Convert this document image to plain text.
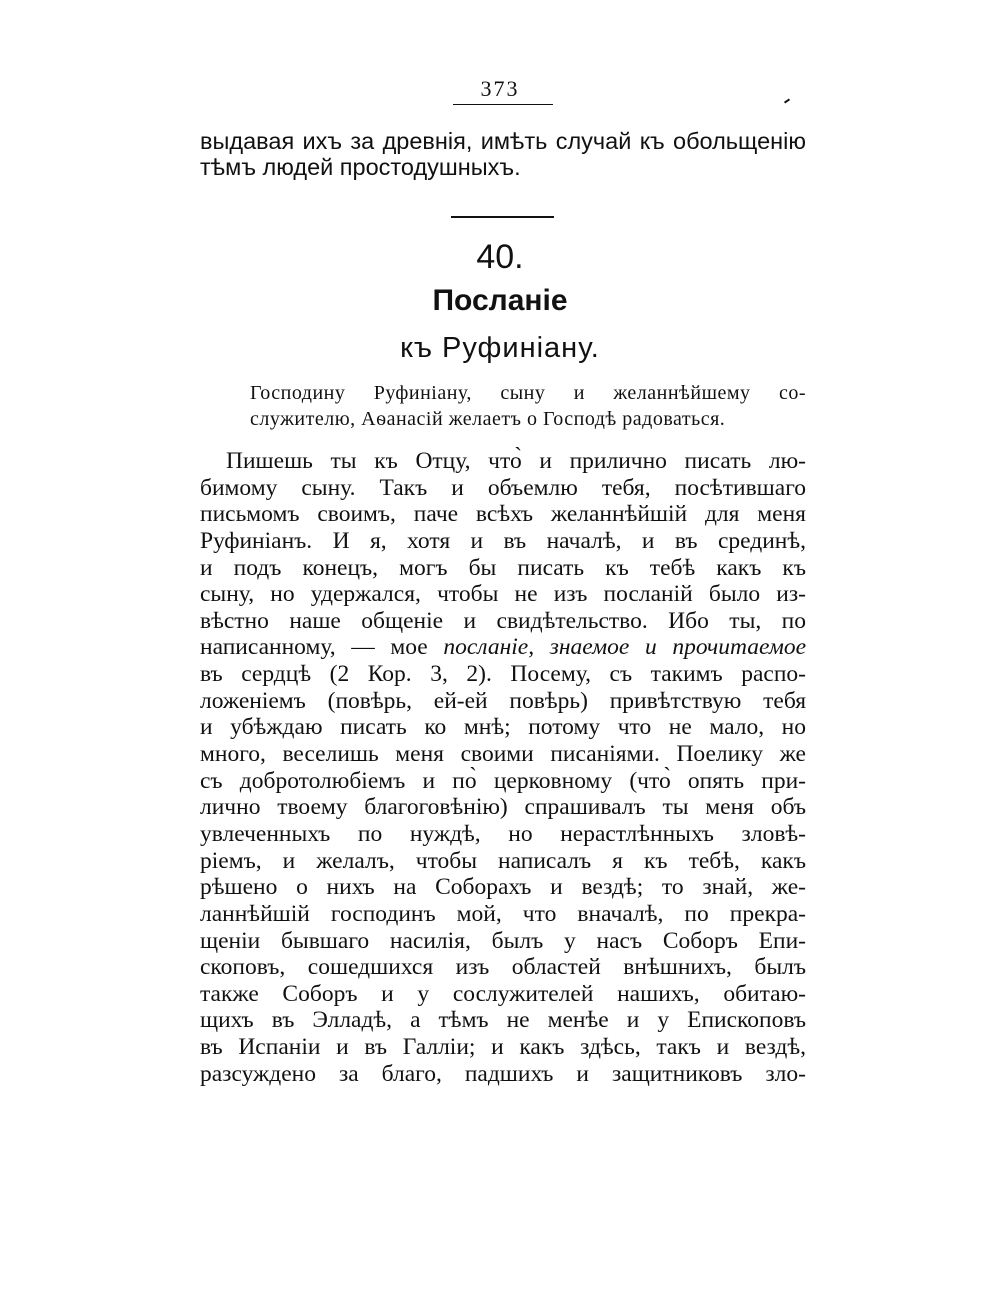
373
выдавая ихъ за древнія, имѣть случай къ обольщенію
тѣмъ людей простодушныхъ.
40.
Посланіе
къ Руфиніану.
Господину Руфиніану, сыну и желаннѣйшему со-
служителю, Аѳанасій желаетъ о Господѣ радоваться.
Пишешь ты къ Отцу, что̀ и прилично писать лю-
бимому сыну. Такъ и объемлю тебя, посѣтившаго
письмомъ своимъ, паче всѣхъ желаннѣйшій для меня
Руфиніанъ. И я, хотя и въ началѣ, и въ срединѣ,
и подъ конецъ, могъ бы писать къ тебѣ какъ къ
сыну, но удержался, чтобы не изъ посланій было из-
вѣстно наше общеніе и свидѣтельство. Ибо ты, по
написанному, — мое посланіе, знаемое и прочитаемое
въ сердцѣ (2 Кор. 3, 2). Посему, съ такимъ распо-
ложеніемъ (повѣрь, ей-ей повѣрь) привѣтствую тебя
и убѣждаю писать ко мнѣ; потому что не мало, но
много, веселишь меня своими писаніями. Поелику же
съ добротолюбіемъ и по̀ церковному (что̀ опять при-
лично твоему благоговѣнію) спрашивалъ ты меня объ
увлеченныхъ по нуждѣ, но нерастлѣнныхъ зловѣ-
ріемъ, и желалъ, чтобы написалъ я къ тебѣ, какъ
рѣшено о нихъ на Соборахъ и вездѣ; то знай, же-
ланнѣйшій господинъ мой, что вначалѣ, по прекра-
щеніи бывшаго насилія, былъ у насъ Соборъ Епи-
скоповъ, сошедшихся изъ областей внѣшнихъ, былъ
также Соборъ и у сослужителей нашихъ, обитаю-
щихъ въ Элладѣ, а тѣмъ не менѣе и у Епископовъ
въ Испаніи и въ Галліи; и какъ здѣсь, такъ и вездѣ,
разсуждено за благо, падшихъ и защитниковъ зло-
